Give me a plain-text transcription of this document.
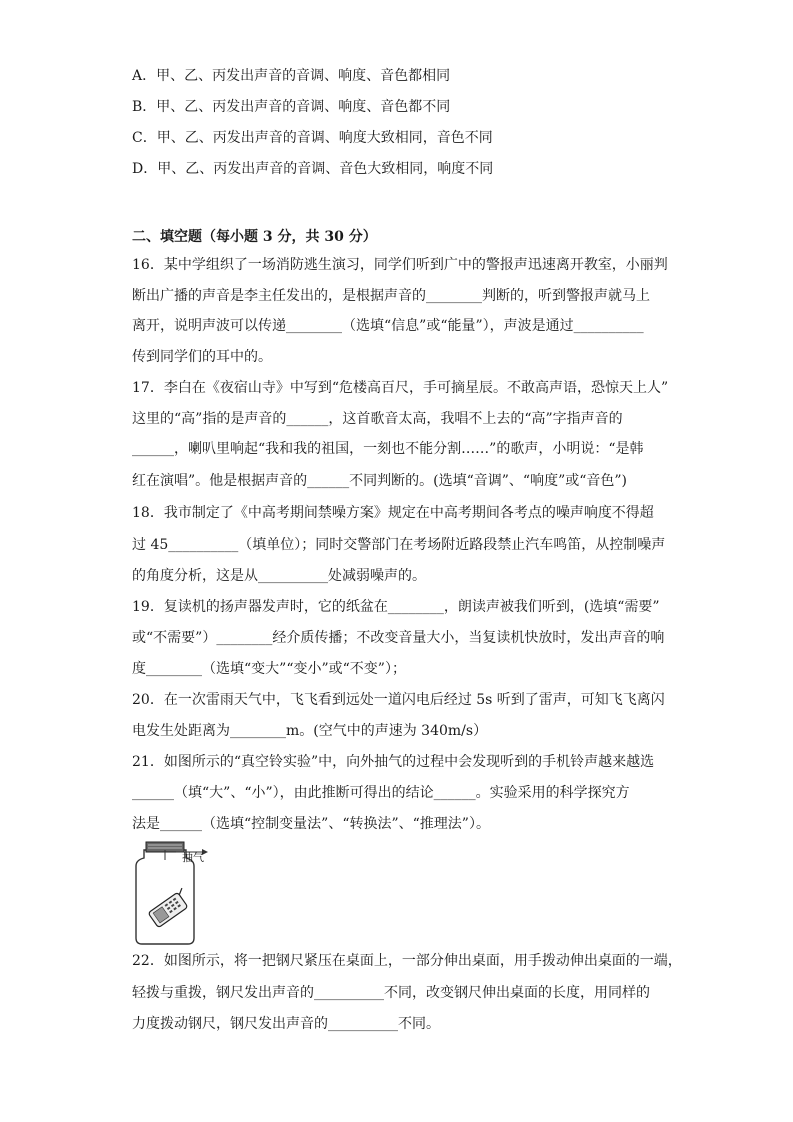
A．甲、乙、丙发出声音的音调、响度、音色都相同
B．甲、乙、丙发出声音的音调、响度、音色都不同
C．甲、乙、丙发出声音的音调、响度大致相同，音色不同
D．甲、乙、丙发出声音的音调、音色大致相同，响度不同
二、填空题（每小题 3 分，共 30 分）
16．某中学组织了一场消防逃生演习，同学们听到广中的警报声迅速离开教室，小丽判
断出广播的声音是李主任发出的，是根据声音的________判断的，听到警报声就马上
离开，说明声波可以传递________（选填“信息”或“能量”），声波是通过__________
传到同学们的耳中的。
17．李白在《夜宿山寺》中写到“危楼高百尺，手可摘星辰。不敢高声语，恐惊天上人”
这里的“高”指的是声音的______，这首歌音太高，我唱不上去的“高”字指声音的
______，喇叭里响起“我和我的祖国，一刻也不能分割……”的歌声，小明说：“是韩
红在演唱”。他是根据声音的______不同判断的。(选填“音调”、“响度”或“音色”)
18．我市制定了《中高考期间禁噪方案》规定在中高考期间各考点的噪声响度不得超
过 45__________（填单位）；同时交警部门在考场附近路段禁止汽车鸣笛，从控制噪声
的角度分析，这是从__________处减弱噪声的。
19．复读机的扬声器发声时，它的纸盆在________，朗读声被我们听到，(选填“需要”
或“不需要”）________经介质传播；不改变音量大小，当复读机快放时，发出声音的响
度________（选填“变大”“变小”或“不变”）；
20．在一次雷雨天气中，飞飞看到远处一道闪电后经过 5s 听到了雷声，可知飞飞离闪
电发生处距离为________m。(空气中的声速为 340m/s）
21．如图所示的“真空铃实验”中，向外抽气的过程中会发现听到的手机铃声越来越选
______（填“大”、“小”），由此推断可得出的结论______。实验采用的科学探究方
法是______（选填“控制变量法”、“转换法”、“推理法”）。
抽气
22．如图所示，将一把钢尺紧压在桌面上，一部分伸出桌面，用手拨动伸出桌面的一端，
轻拨与重拨，钢尺发出声音的__________不同，改变钢尺伸出桌面的长度，用同样的
力度拨动钢尺，钢尺发出声音的__________不同。
